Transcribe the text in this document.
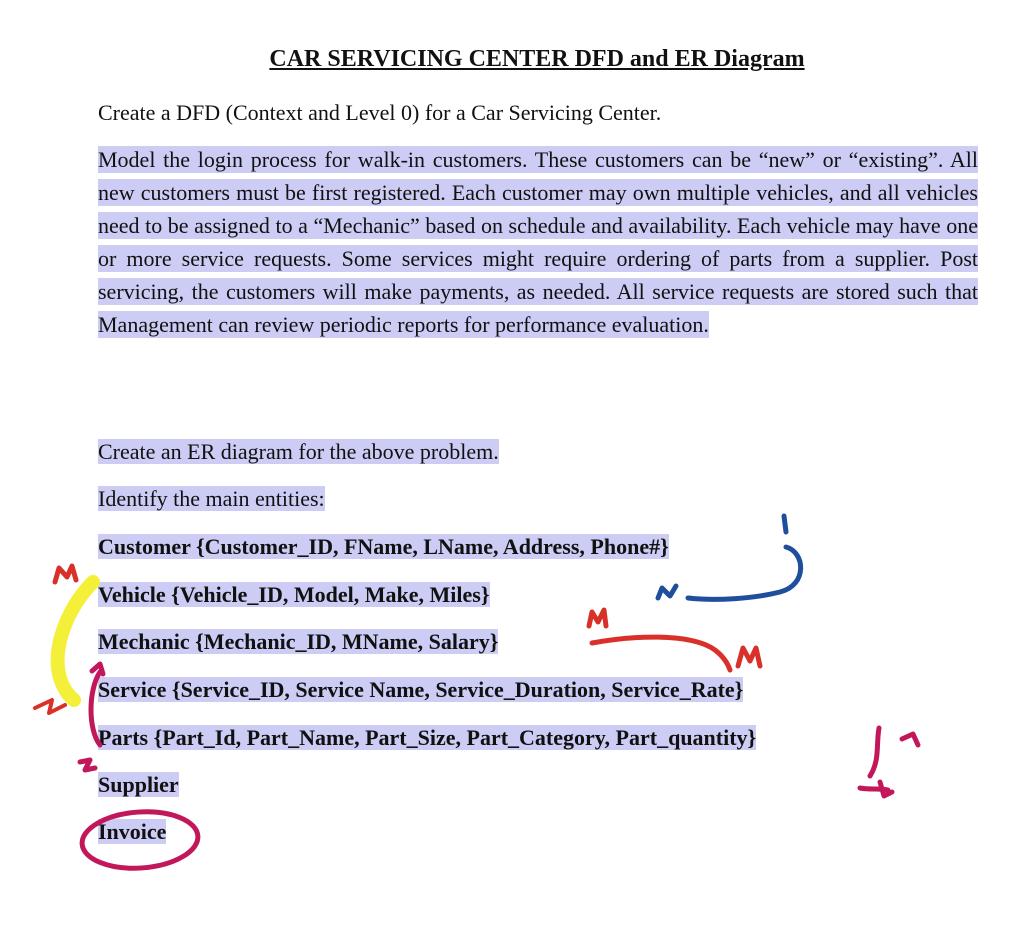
CAR SERVICING CENTER DFD and ER Diagram

Create a DFD (Context and Level 0) for a Car Servicing Center.

Model the login process for walk-in customers. These customers can be “new” or “existing”. All new customers must be first registered. Each customer may own multiple vehicles, and all vehicles need to be assigned to a “Mechanic” based on schedule and availability. Each vehicle may have one or more service requests. Some services might require ordering of parts from a supplier. Post servicing, the customers will make payments, as needed. All service requests are stored such that Management can review periodic reports for performance evaluation.

Create an ER diagram for the above problem.

Identify the main entities:

Customer {Customer_ID, FName, LName, Address, Phone#}

Vehicle {Vehicle_ID, Model, Make, Miles}

Mechanic {Mechanic_ID, MName, Salary}

Service {Service_ID, Service Name, Service_Duration, Service_Rate}

Parts {Part_Id, Part_Name, Part_Size, Part_Category, Part_quantity}

Supplier

Invoice
